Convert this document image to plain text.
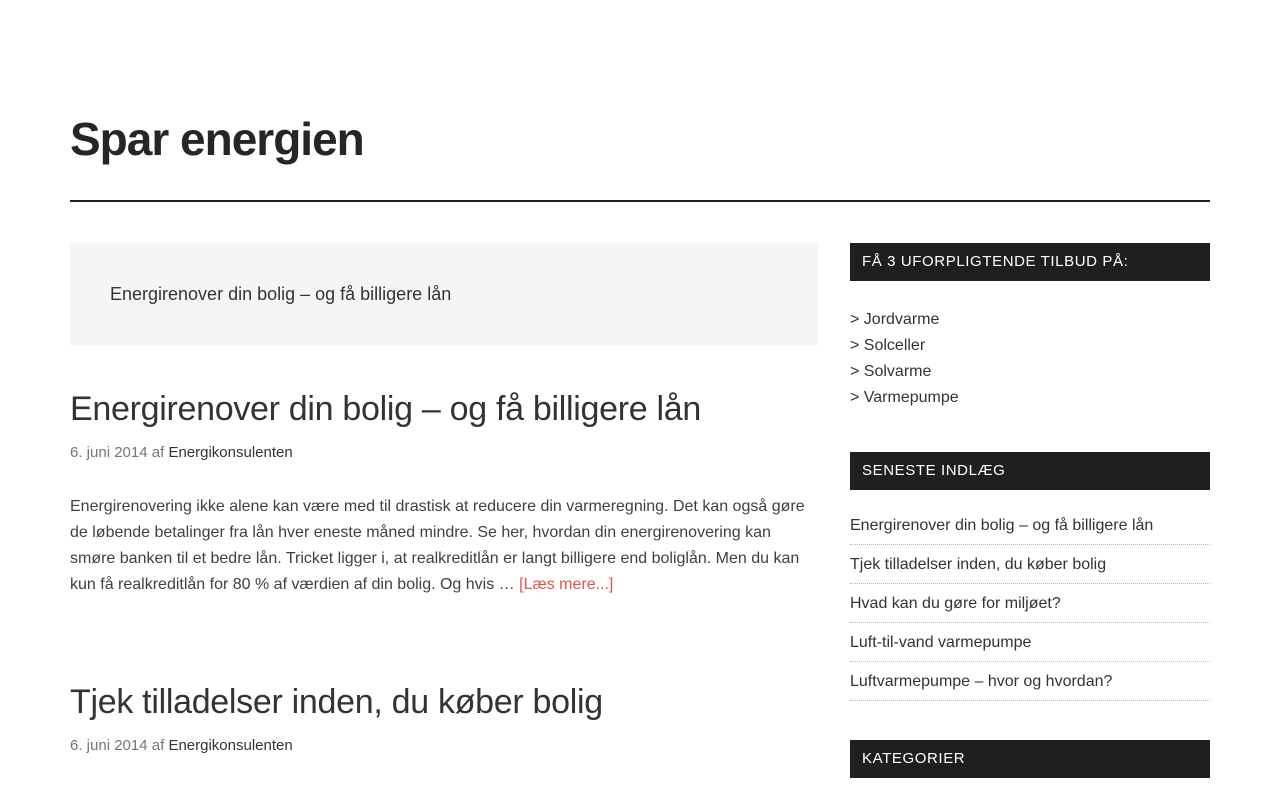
Spar energien

Energirenover din bolig – og få billigere lån

Energirenover din bolig – og få billigere lån

6. juni 2014 af Energikonsulenten

Energirenovering ikke alene kan være med til drastisk at reducere din varmeregning. Det kan også gøre de løbende betalinger fra lån hver eneste måned mindre. Se her, hvordan din energirenovering kan smøre banken til et bedre lån. Tricket ligger i, at realkreditlån er langt billigere end boliglån. Men du kan kun få realkreditlån for 80 % af værdien af din bolig. Og hvis … [Læs mere...]

Tjek tilladelser inden, du køber bolig

6. juni 2014 af Energikonsulenten

FÅ 3 UFORPLIGTENDE TILBUD PÅ:
> Jordvarme
> Solceller
> Solvarme
> Varmepumpe
SENESTE INDLÆG
Energirenover din bolig – og få billigere lån
Tjek tilladelser inden, du køber bolig
Hvad kan du gøre for miljøet?
Luft-til-vand varmepumpe
Luftvarmepumpe – hvor og hvordan?
KATEGORIER
